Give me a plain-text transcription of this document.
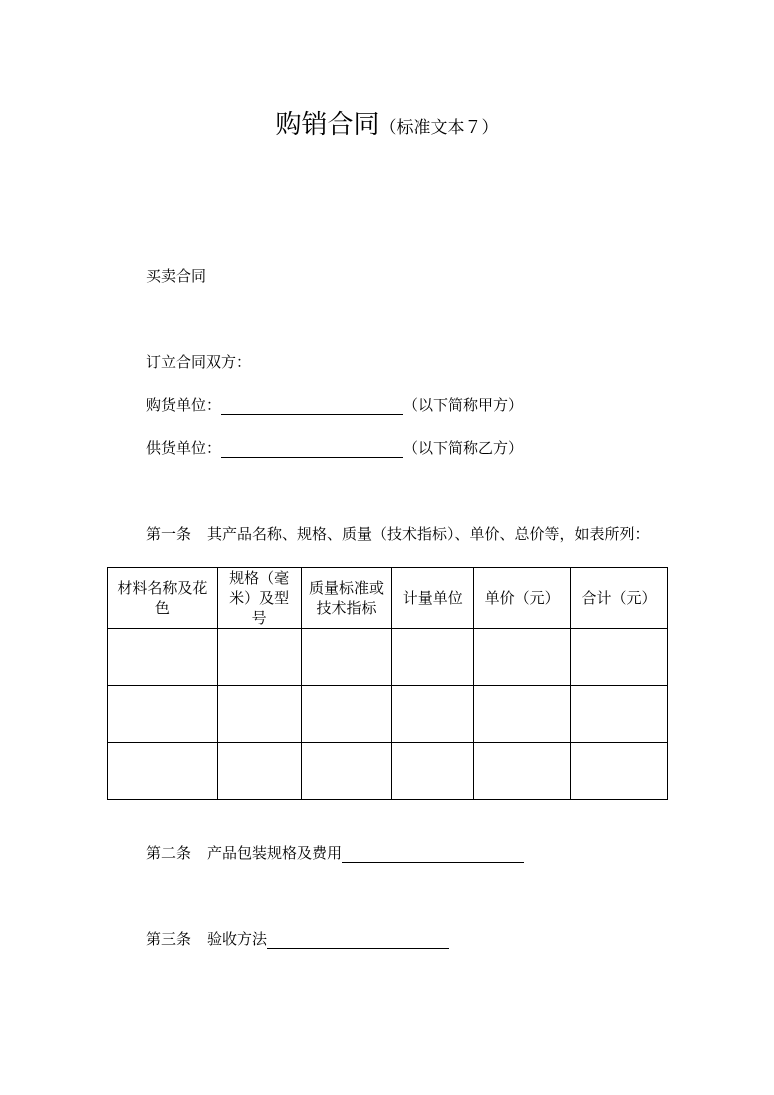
购销合同（标准文本７）
买卖合同
订立合同双方：
购货单位：	（以下简称甲方）
供货单位：	（以下简称乙方）
第一条 其产品名称、规格、质量（技术指标）、单价、总价等，如表所列：
材料名称及花色	规格（毫米）及型号	质量标准或技术指标	计量单位	单价（元）	合计（元）

第二条 产品包装规格及费用
第三条 验收方法
